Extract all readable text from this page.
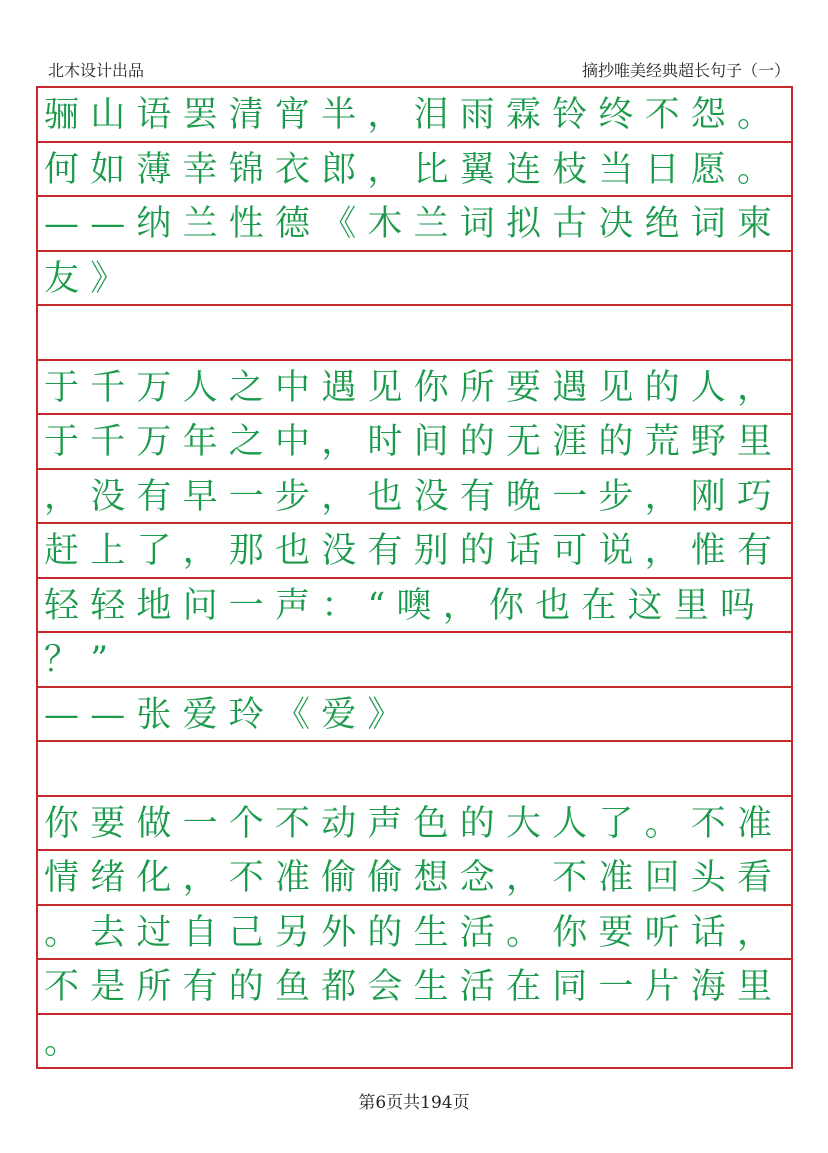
北木设计出品	摘抄唯美经典超长句子（一）
骊山语罢清宵半，泪雨霖铃终不怨。
何如薄幸锦衣郎，比翼连枝当日愿。
——纳兰性德《木兰词拟古决绝词柬
友》
于千万人之中遇见你所要遇见的人，
于千万年之中，时间的无涯的荒野里
，没有早一步，也没有晚一步，刚巧
赶上了，那也没有别的话可说，惟有
轻轻地问一声：“噢，你也在这里吗
？”
——张爱玲《爱》
你要做一个不动声色的大人了。不准
情绪化，不准偷偷想念，不准回头看
。去过自己另外的生活。你要听话，
不是所有的鱼都会生活在同一片海里
。
第6页共194页
